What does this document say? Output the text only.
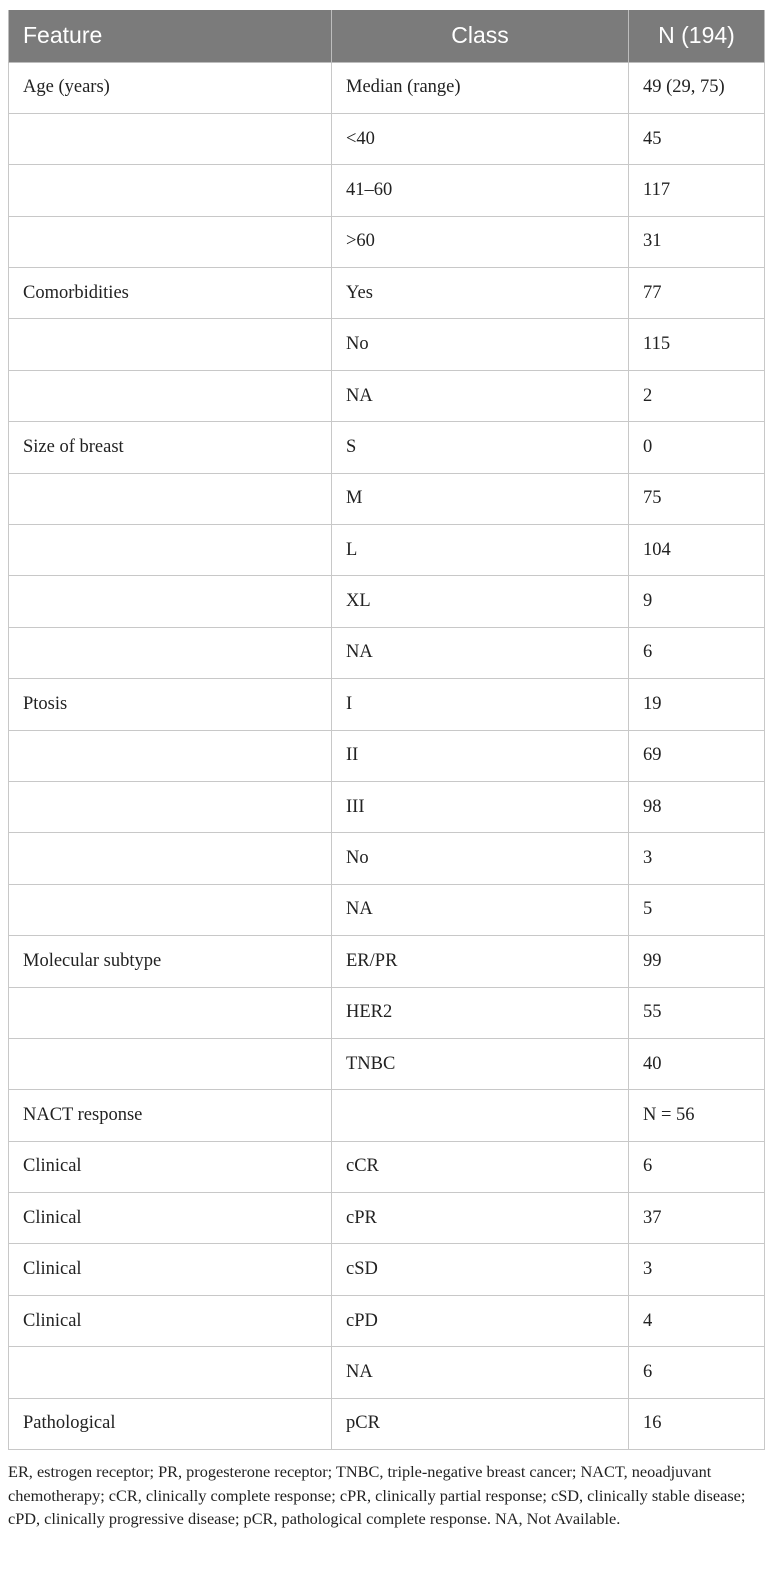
Feature	Class	N (194)
Age (years)	Median (range)	49 (29, 75)
	<40	45
	41–60	117
	>60	31
Comorbidities	Yes	77
	No	115
	NA	2
Size of breast	S	0
	M	75
	L	104
	XL	9
	NA	6
Ptosis	I	19
	II	69
	III	98
	No	3
	NA	5
Molecular subtype	ER/PR	99
	HER2	55
	TNBC	40
NACT response		N = 56
Clinical	cCR	6
Clinical	cPR	37
Clinical	cSD	3
Clinical	cPD	4
	NA	6
Pathological	pCR	16
ER, estrogen receptor; PR, progesterone receptor; TNBC, triple-negative breast cancer; NACT, neoadjuvant chemotherapy; cCR, clinically complete response; cPR, clinically partial response; cSD, clinically stable disease; cPD, clinically progressive disease; pCR, pathological complete response. NA, Not Available.
